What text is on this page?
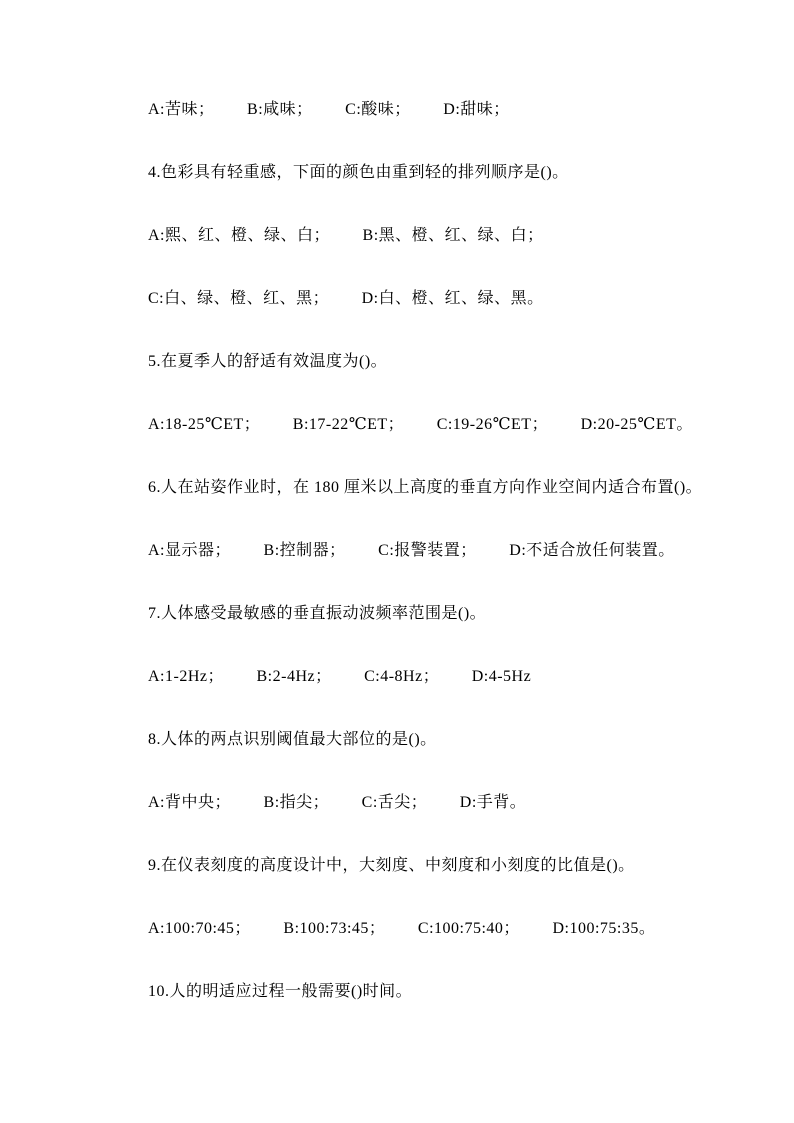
A:苦味； B:咸味； C:酸味； D:甜味；

4.色彩具有轻重感，下面的颜色由重到轻的排列顺序是()。

A:熙、红、橙、绿、白； B:黑、橙、红、绿、白；

C:白、绿、橙、红、黑； D:白、橙、红、绿、黑。

5.在夏季人的舒适有效温度为()。

A:18-25℃ET； B:17-22℃ET； C:19-26℃ET； D:20-25℃ET。

6.人在站姿作业时，在 180 厘米以上高度的垂直方向作业空间内适合布置()。

A:显示器； B:控制器； C:报警装置； D:不适合放任何装置。

7.人体感受最敏感的垂直振动波频率范围是()。

A:1-2Hz； B:2-4Hz； C:4-8Hz； D:4-5Hz

8.人体的两点识别阈值最大部位的是()。

A:背中央； B:指尖； C:舌尖； D:手背。

9.在仪表刻度的高度设计中，大刻度、中刻度和小刻度的比值是()。

A:100:70:45； B:100:73:45； C:100:75:40； D:100:75:35。

10.人的明适应过程一般需要()时间。
